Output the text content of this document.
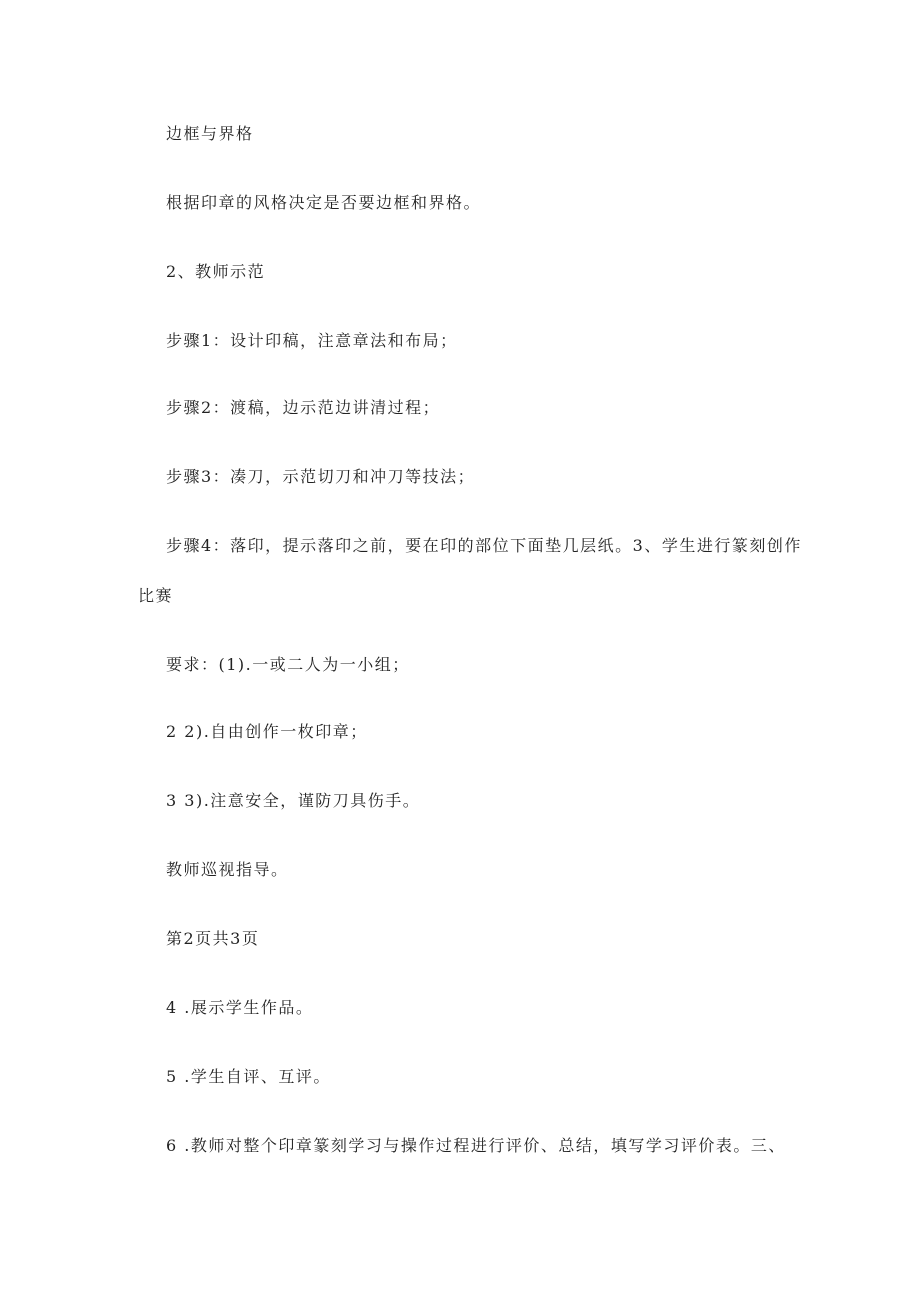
边框与界格
根据印章的风格决定是否要边框和界格。
2、教师示范
步骤1：设计印稿，注意章法和布局；
步骤2：渡稿，边示范边讲清过程；
步骤3：凑刀，示范切刀和冲刀等技法；
步骤4：落印，提示落印之前，要在印的部位下面垫几层纸。3、学生进行篆刻创作
比赛
要求：(1).一或二人为一小组；
2 2).自由创作一枚印章；
3 3).注意安全，谨防刀具伤手。
教师巡视指导。
第2页共3页
4 .展示学生作品。
5 .学生自评、互评。
6 .教师对整个印章篆刻学习与操作过程进行评价、总结，填写学习评价表。三、
